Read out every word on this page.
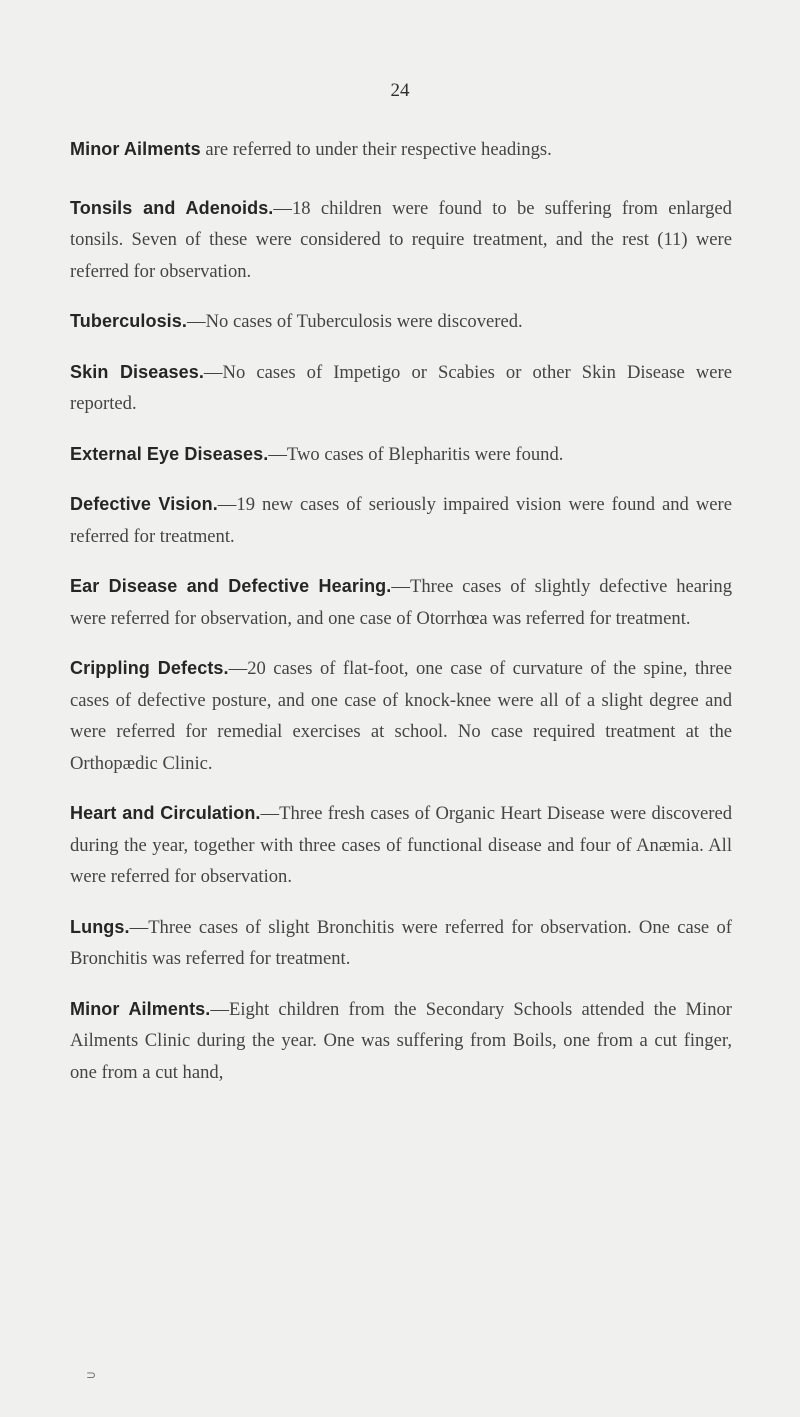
24

Minor Ailments are referred to under their respective headings.

Tonsils and Adenoids.—18 children were found to be suffering from enlarged tonsils. Seven of these were considered to require treatment, and the rest (11) were referred for observation.

Tuberculosis.—No cases of Tuberculosis were discovered.

Skin Diseases.—No cases of Impetigo or Scabies or other Skin Disease were reported.

External Eye Diseases.—Two cases of Blepharitis were found.

Defective Vision.—19 new cases of seriously impaired vision were found and were referred for treatment.

Ear Disease and Defective Hearing.—Three cases of slightly defective hearing were referred for observation, and one case of Otorrhœa was referred for treatment.

Crippling Defects.—20 cases of flat-foot, one case of curvature of the spine, three cases of defective posture, and one case of knock-knee were all of a slight degree and were referred for remedial exercises at school. No case required treatment at the Orthopædic Clinic.

Heart and Circulation.—Three fresh cases of Organic Heart Disease were discovered during the year, together with three cases of functional disease and four of Anæmia. All were referred for observation.

Lungs.—Three cases of slight Bronchitis were referred for observation. One case of Bronchitis was referred for treatment.

Minor Ailments.—Eight children from the Secondary Schools attended the Minor Ailments Clinic during the year. One was suffering from Boils, one from a cut finger, one from a cut hand,

⊃
